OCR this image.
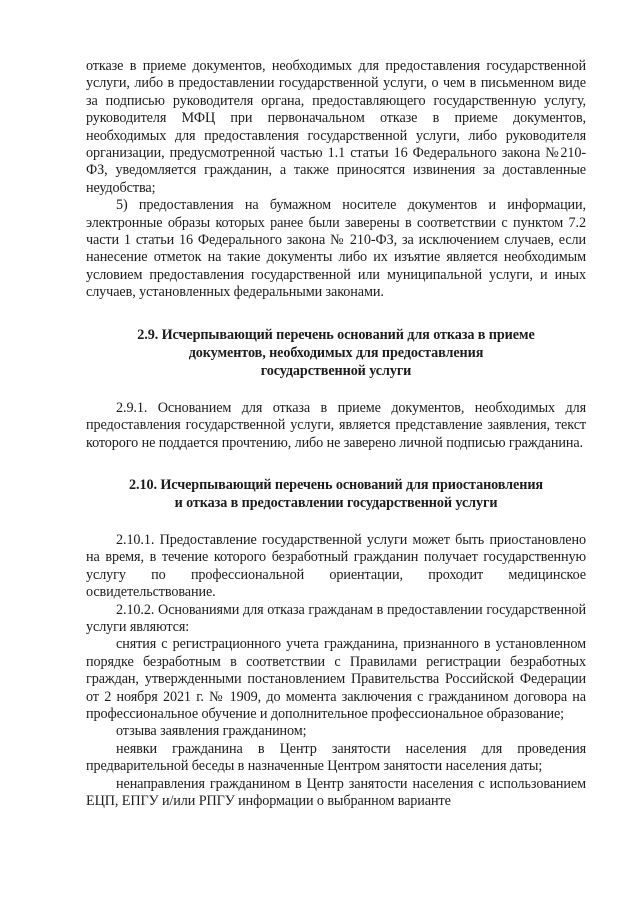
отказе в приеме документов, необходимых для предоставления государственной услуги, либо в предоставлении государственной услуги, о чем в письменном виде за подписью руководителя органа, предоставляющего государственную услугу, руководителя МФЦ при первоначальном отказе в приеме документов, необходимых для предоставления государственной услуги, либо руководителя организации, предусмотренной частью 1.1 статьи 16 Федерального закона №210-ФЗ, уведомляется гражданин, а также приносятся извинения за доставленные неудобства;

5) предоставления на бумажном носителе документов и информации, электронные образы которых ранее были заверены в соответствии с пунктом 7.2 части 1 статьи 16 Федерального закона № 210-ФЗ, за исключением случаев, если нанесение отметок на такие документы либо их изъятие является необходимым условием предоставления государственной или муниципальной услуги, и иных случаев, установленных федеральными законами.

2.9. Исчерпывающий перечень оснований для отказа в приеме

документов, необходимых для предоставления

государственной услуги

2.9.1. Основанием для отказа в приеме документов, необходимых для предоставления государственной услуги, является представление заявления, текст которого не поддается прочтению, либо не заверено личной подписью гражданина.

2.10. Исчерпывающий перечень оснований для приостановления

и отказа в предоставлении государственной услуги

2.10.1. Предоставление государственной услуги может быть приостановлено на время, в течение которого безработный гражданин получает государственную услугу по профессиональной ориентации, проходит медицинское освидетельствование.

2.10.2. Основаниями для отказа гражданам в предоставлении государственной услуги являются:

снятия с регистрационного учета гражданина, признанного в установленном порядке безработным в соответствии с Правилами регистрации безработных граждан, утвержденными постановлением Правительства Российской Федерации от 2 ноября 2021 г. № 1909, до момента заключения с гражданином договора на профессиональное обучение и дополнительное профессиональное образование;

отзыва заявления гражданином;

неявки гражданина в Центр занятости населения для проведения предварительной беседы в назначенные Центром занятости населения даты;

ненаправления гражданином в Центр занятости населения с использованием ЕЦП, ЕПГУ и/или РПГУ информации о выбранном варианте
